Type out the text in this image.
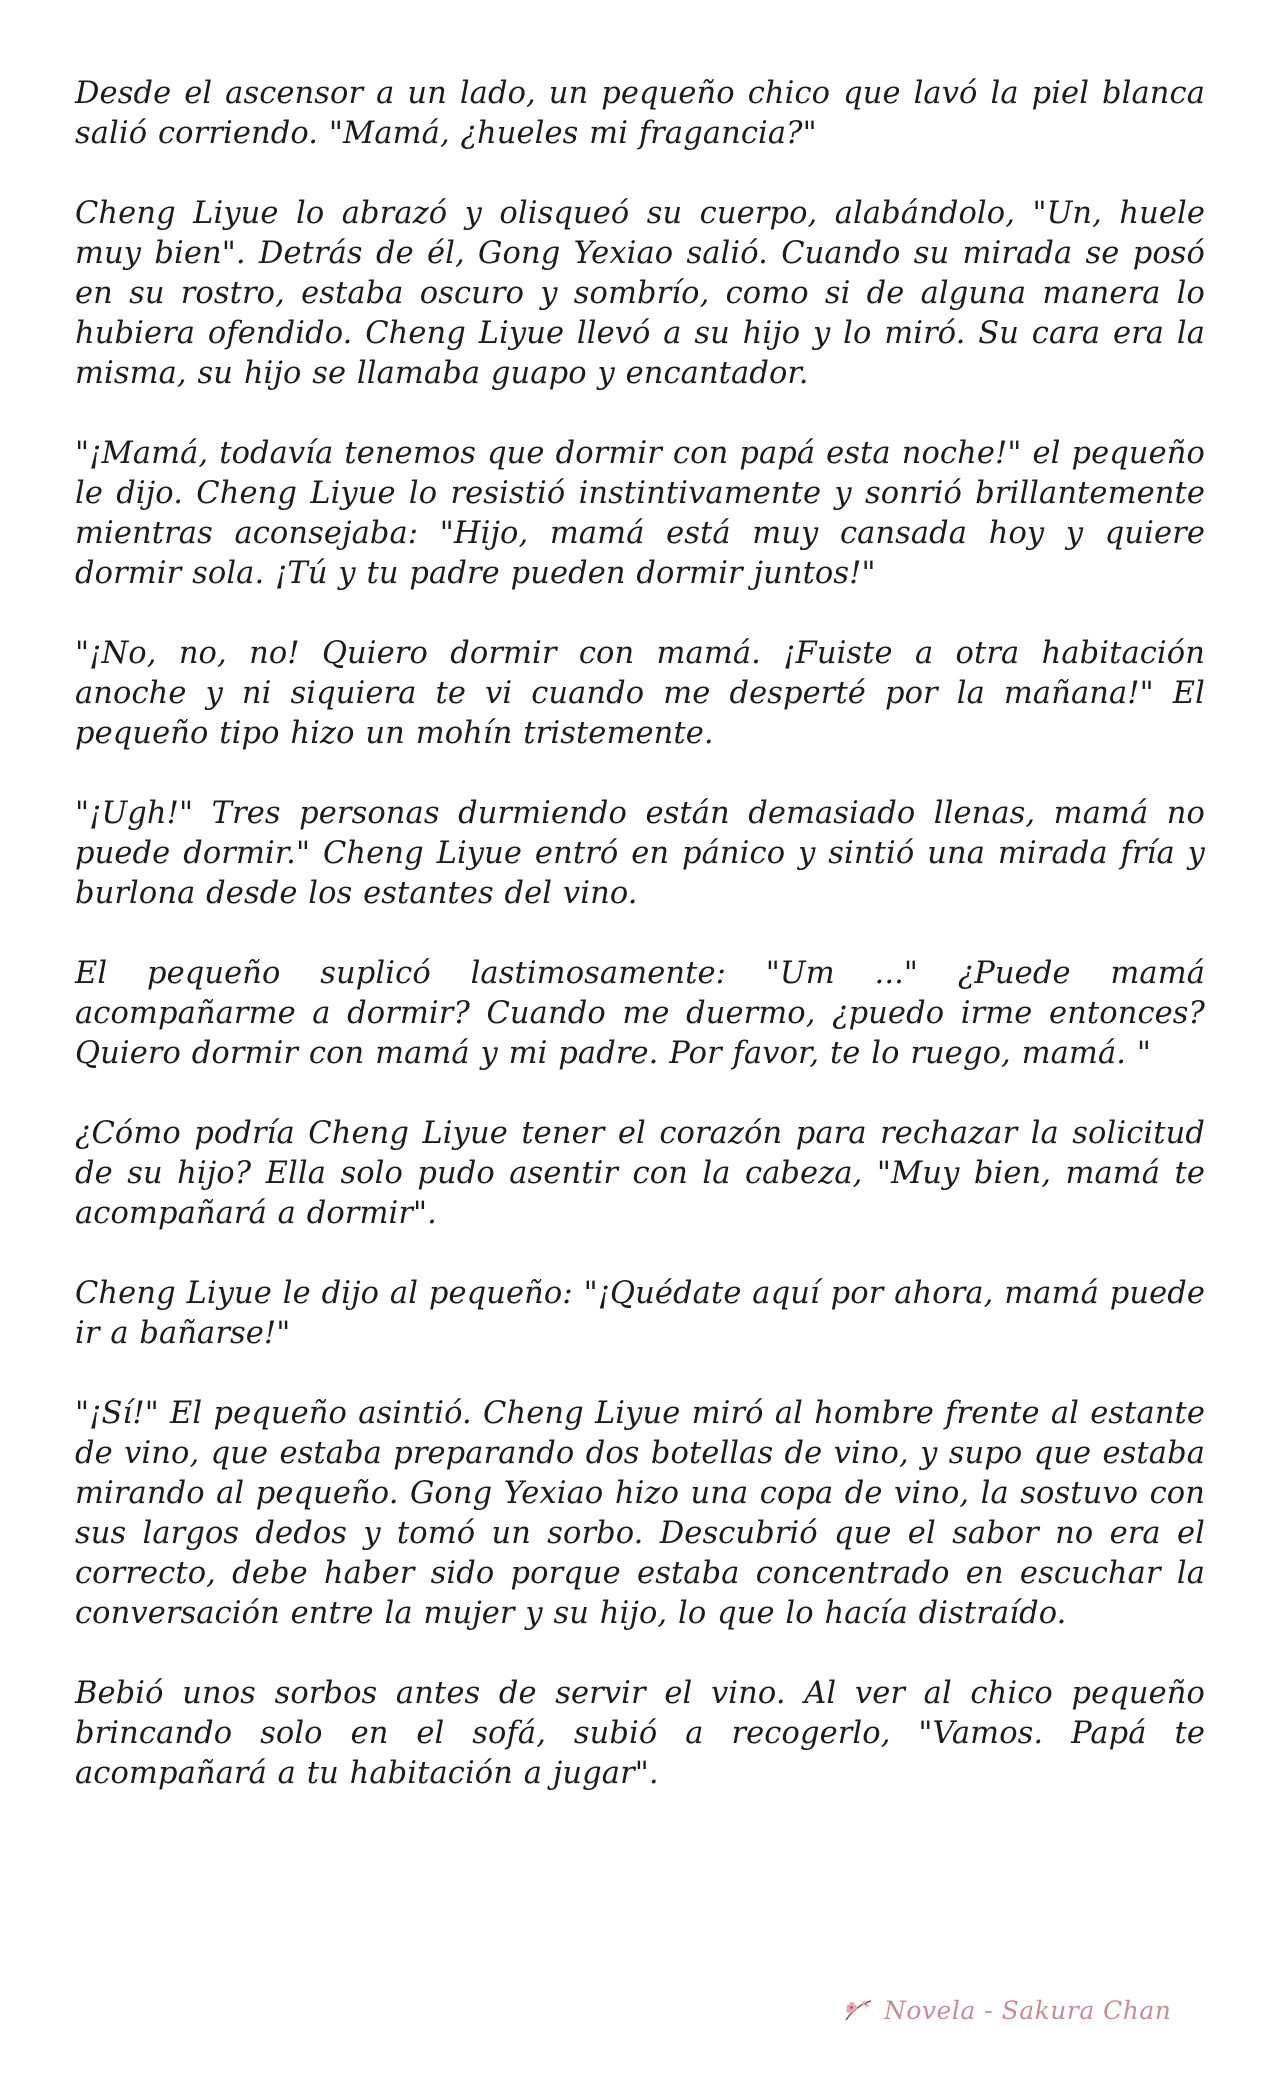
Desde el ascensor a un lado, un pequeño chico que lavó la piel blanca salió corriendo. "Mamá, ¿hueles mi fragancia?"

Cheng Liyue lo abrazó y olisqueó su cuerpo, alabándolo, "Un, huele muy bien". Detrás de él, Gong Yexiao salió. Cuando su mirada se posó en su rostro, estaba oscuro y sombrío, como si de alguna manera lo hubiera ofendido. Cheng Liyue llevó a su hijo y lo miró. Su cara era la misma, su hijo se llamaba guapo y encantador.

"¡Mamá, todavía tenemos que dormir con papá esta noche!" el pequeño le dijo. Cheng Liyue lo resistió instintivamente y sonrió brillantemente mientras aconsejaba: "Hijo, mamá está muy cansada hoy y quiere dormir sola. ¡Tú y tu padre pueden dormir juntos!"

"¡No, no, no! Quiero dormir con mamá. ¡Fuiste a otra habitación anoche y ni siquiera te vi cuando me desperté por la mañana!" El pequeño tipo hizo un mohín tristemente.

"¡Ugh!" Tres personas durmiendo están demasiado llenas, mamá no puede dormir." Cheng Liyue entró en pánico y sintió una mirada fría y burlona desde los estantes del vino.

El pequeño suplicó lastimosamente: "Um ..." ¿Puede mamá acompañarme a dormir? Cuando me duermo, ¿puedo irme entonces? Quiero dormir con mamá y mi padre. Por favor, te lo ruego, mamá. "

¿Cómo podría Cheng Liyue tener el corazón para rechazar la solicitud de su hijo? Ella solo pudo asentir con la cabeza, "Muy bien, mamá te acompañará a dormir".

Cheng Liyue le dijo al pequeño: "¡Quédate aquí por ahora, mamá puede ir a bañarse!"

"¡Sí!" El pequeño asintió. Cheng Liyue miró al hombre frente al estante de vino, que estaba preparando dos botellas de vino, y supo que estaba mirando al pequeño. Gong Yexiao hizo una copa de vino, la sostuvo con sus largos dedos y tomó un sorbo. Descubrió que el sabor no era el correcto, debe haber sido porque estaba concentrado en escuchar la conversación entre la mujer y su hijo, lo que lo hacía distraído.

Bebió unos sorbos antes de servir el vino. Al ver al chico pequeño brincando solo en el sofá, subió a recogerlo, "Vamos. Papá te acompañará a tu habitación a jugar".

Novela - Sakura Chan
